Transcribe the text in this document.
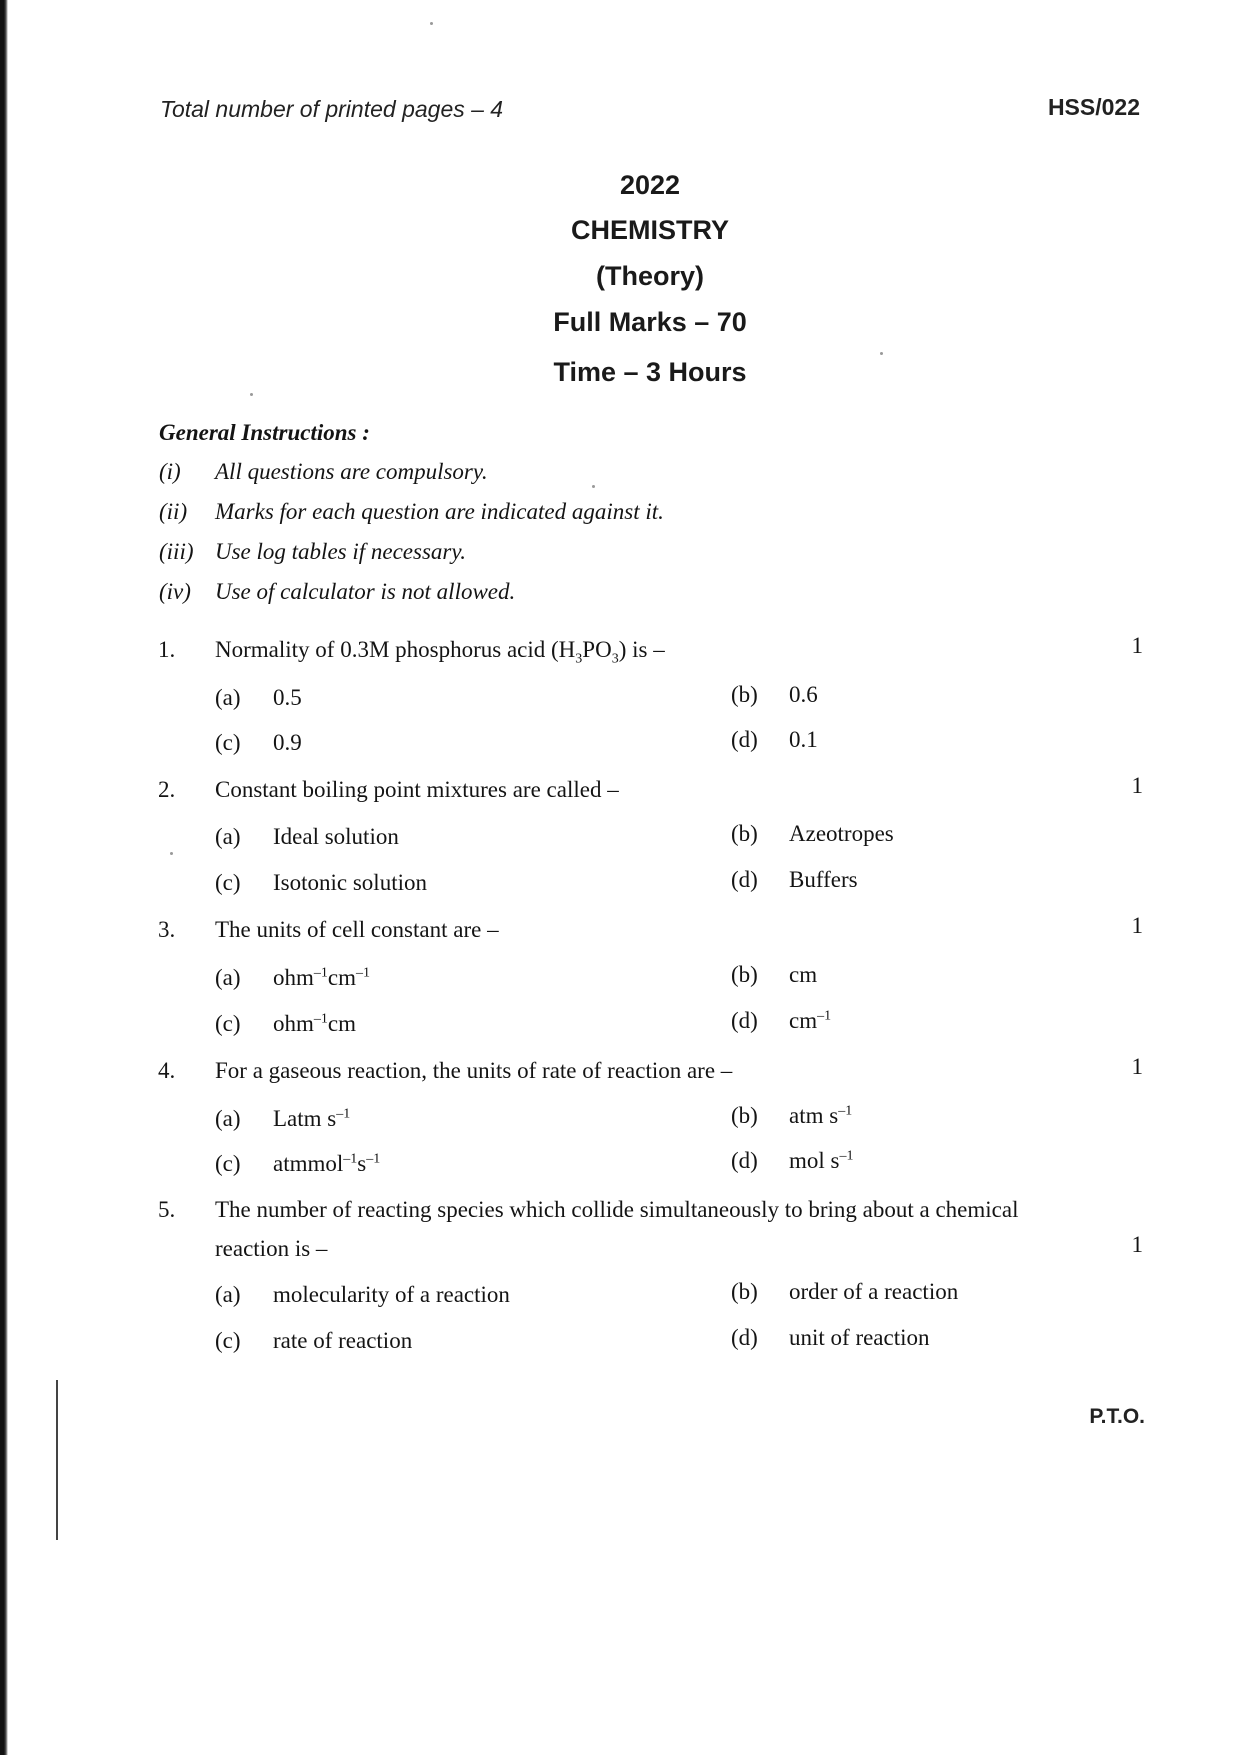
Total number of printed pages – 4	HSS/022
2022
CHEMISTRY
(Theory)
Full Marks – 70
Time – 3 Hours
General Instructions :
(i) All questions are compulsory.
(ii) Marks for each question are indicated against it.
(iii) Use log tables if necessary.
(iv) Use of calculator is not allowed.
1. Normality of 0.3M phosphorus acid $(H_3PO_3)$ is –	1
(a) 0.5	(b) 0.6
(c) 0.9	(d) 0.1
2. Constant boiling point mixtures are called –	1
(a) Ideal solution	(b) Azeotropes
(c) Isotonic solution	(d) Buffers
3. The units of cell constant are –	1
(a) $ohm^{-1}cm^{-1}$	(b) cm
(c) ohm$^{-1}$cm	(d) $cm^{-1}$
4. For a gaseous reaction, the units of rate of reaction are –	1
(a) Latm $s^{-1}$	(b) atm $s^{-1}$
(c) $atmmol^{-1}s^{-1}$	(d) mol $s^{-1}$
5. The number of reacting species which collide simultaneously to bring about a chemical
reaction is –	1
(a) molecularity of a reaction	(b) order of a reaction
(c) rate of reaction	(d) unit of reaction
P.T.O.
